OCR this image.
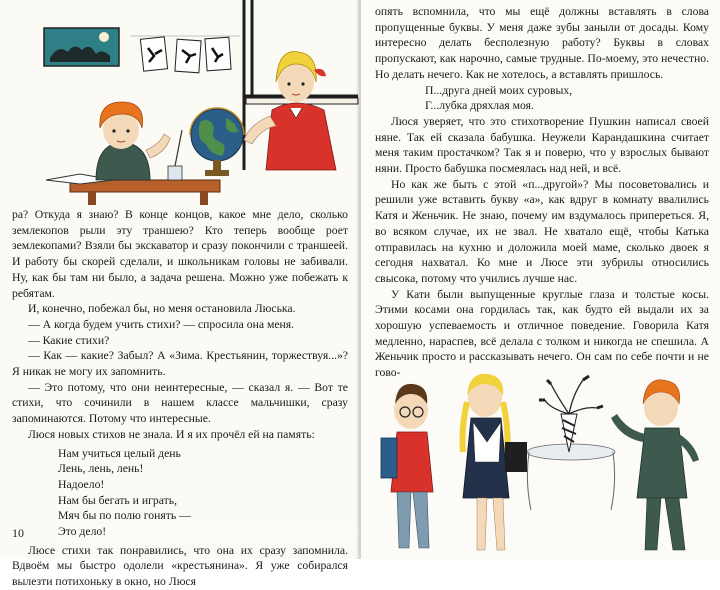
ра? Откуда я знаю? В конце концов, какое мне дело, сколько землекопов рыли эту траншею? Кто теперь вообще роет землекопами? Взяли бы экскаватор и сразу покончили с траншеей. И работу бы скорей сделали, и школьникам головы не забивали. Ну, как бы там ни было, а задача решена. Можно уже побежать к ребятам.

И, конечно, побежал бы, но меня остановила Люська.

— А когда будем учить стихи? — спросила она меня.

— Какие стихи?

— Как — какие? Забыл? А «Зима. Крестьянин, торжествуя...»? Я никак не могу их запомнить.

— Это потому, что они неинтересные, — сказал я. — Вот те стихи, что сочинили в нашем классе мальчишки, сразу запоминаются. Потому что интересные.

Люся новых стихов не знала. И я их прочёл ей на память:

Нам учиться целый день

Лень, лень, лень!

Надоело!

Нам бы бегать и играть,

Мяч бы по полю гонять —

Это дело!

Люсе стихи так понравились, что она их сразу запомнила. Вдвоём мы быстро одолели «крестьянина». Я уже собирался вылезти потихоньку в окно, но Люся

10

опять вспомнила, что мы ещё должны вставлять в слова пропущенные буквы. У меня даже зубы заныли от досады. Кому интересно делать бесполезную работу? Буквы в словах пропускают, как нарочно, самые трудные. По-моему, это нечестно. Но делать нечего. Как не хотелось, а вставлять пришлось.

П...друга дней моих суровых,

Г...лубка дряхлая моя.

Люся уверяет, что это стихотворение Пушкин написал своей няне. Так ей сказала бабушка. Неужели Карандашкина считает меня таким простачком? Так я и поверю, что у взрослых бывают няни. Просто бабушка посмеялась над ней, и всё.

Но как же быть с этой «п...другой»? Мы посоветовались и решили уже вставить букву «а», как вдруг в комнату ввалились Катя и Женьчик. Не знаю, почему им вздумалось припереться. Я, во всяком случае, их не звал. Не хватало ещё, чтобы Катька отправилась на кухню и доложила моей маме, сколько двоек я сегодня нахватал. Ко мне и Люсе эти зубрилы относились свысока, потому что учились лучше нас.

У Кати были выпущенные круглые глаза и толстые косы. Этими косами она гордилась так, как будто ей выдали их за хорошую успеваемость и отличное поведение. Говорила Катя медленно, нараспев, всё делала с толком и никогда не спешила. А Женьчик просто и рассказывать нечего. Он сам по себе почти и не гово-
